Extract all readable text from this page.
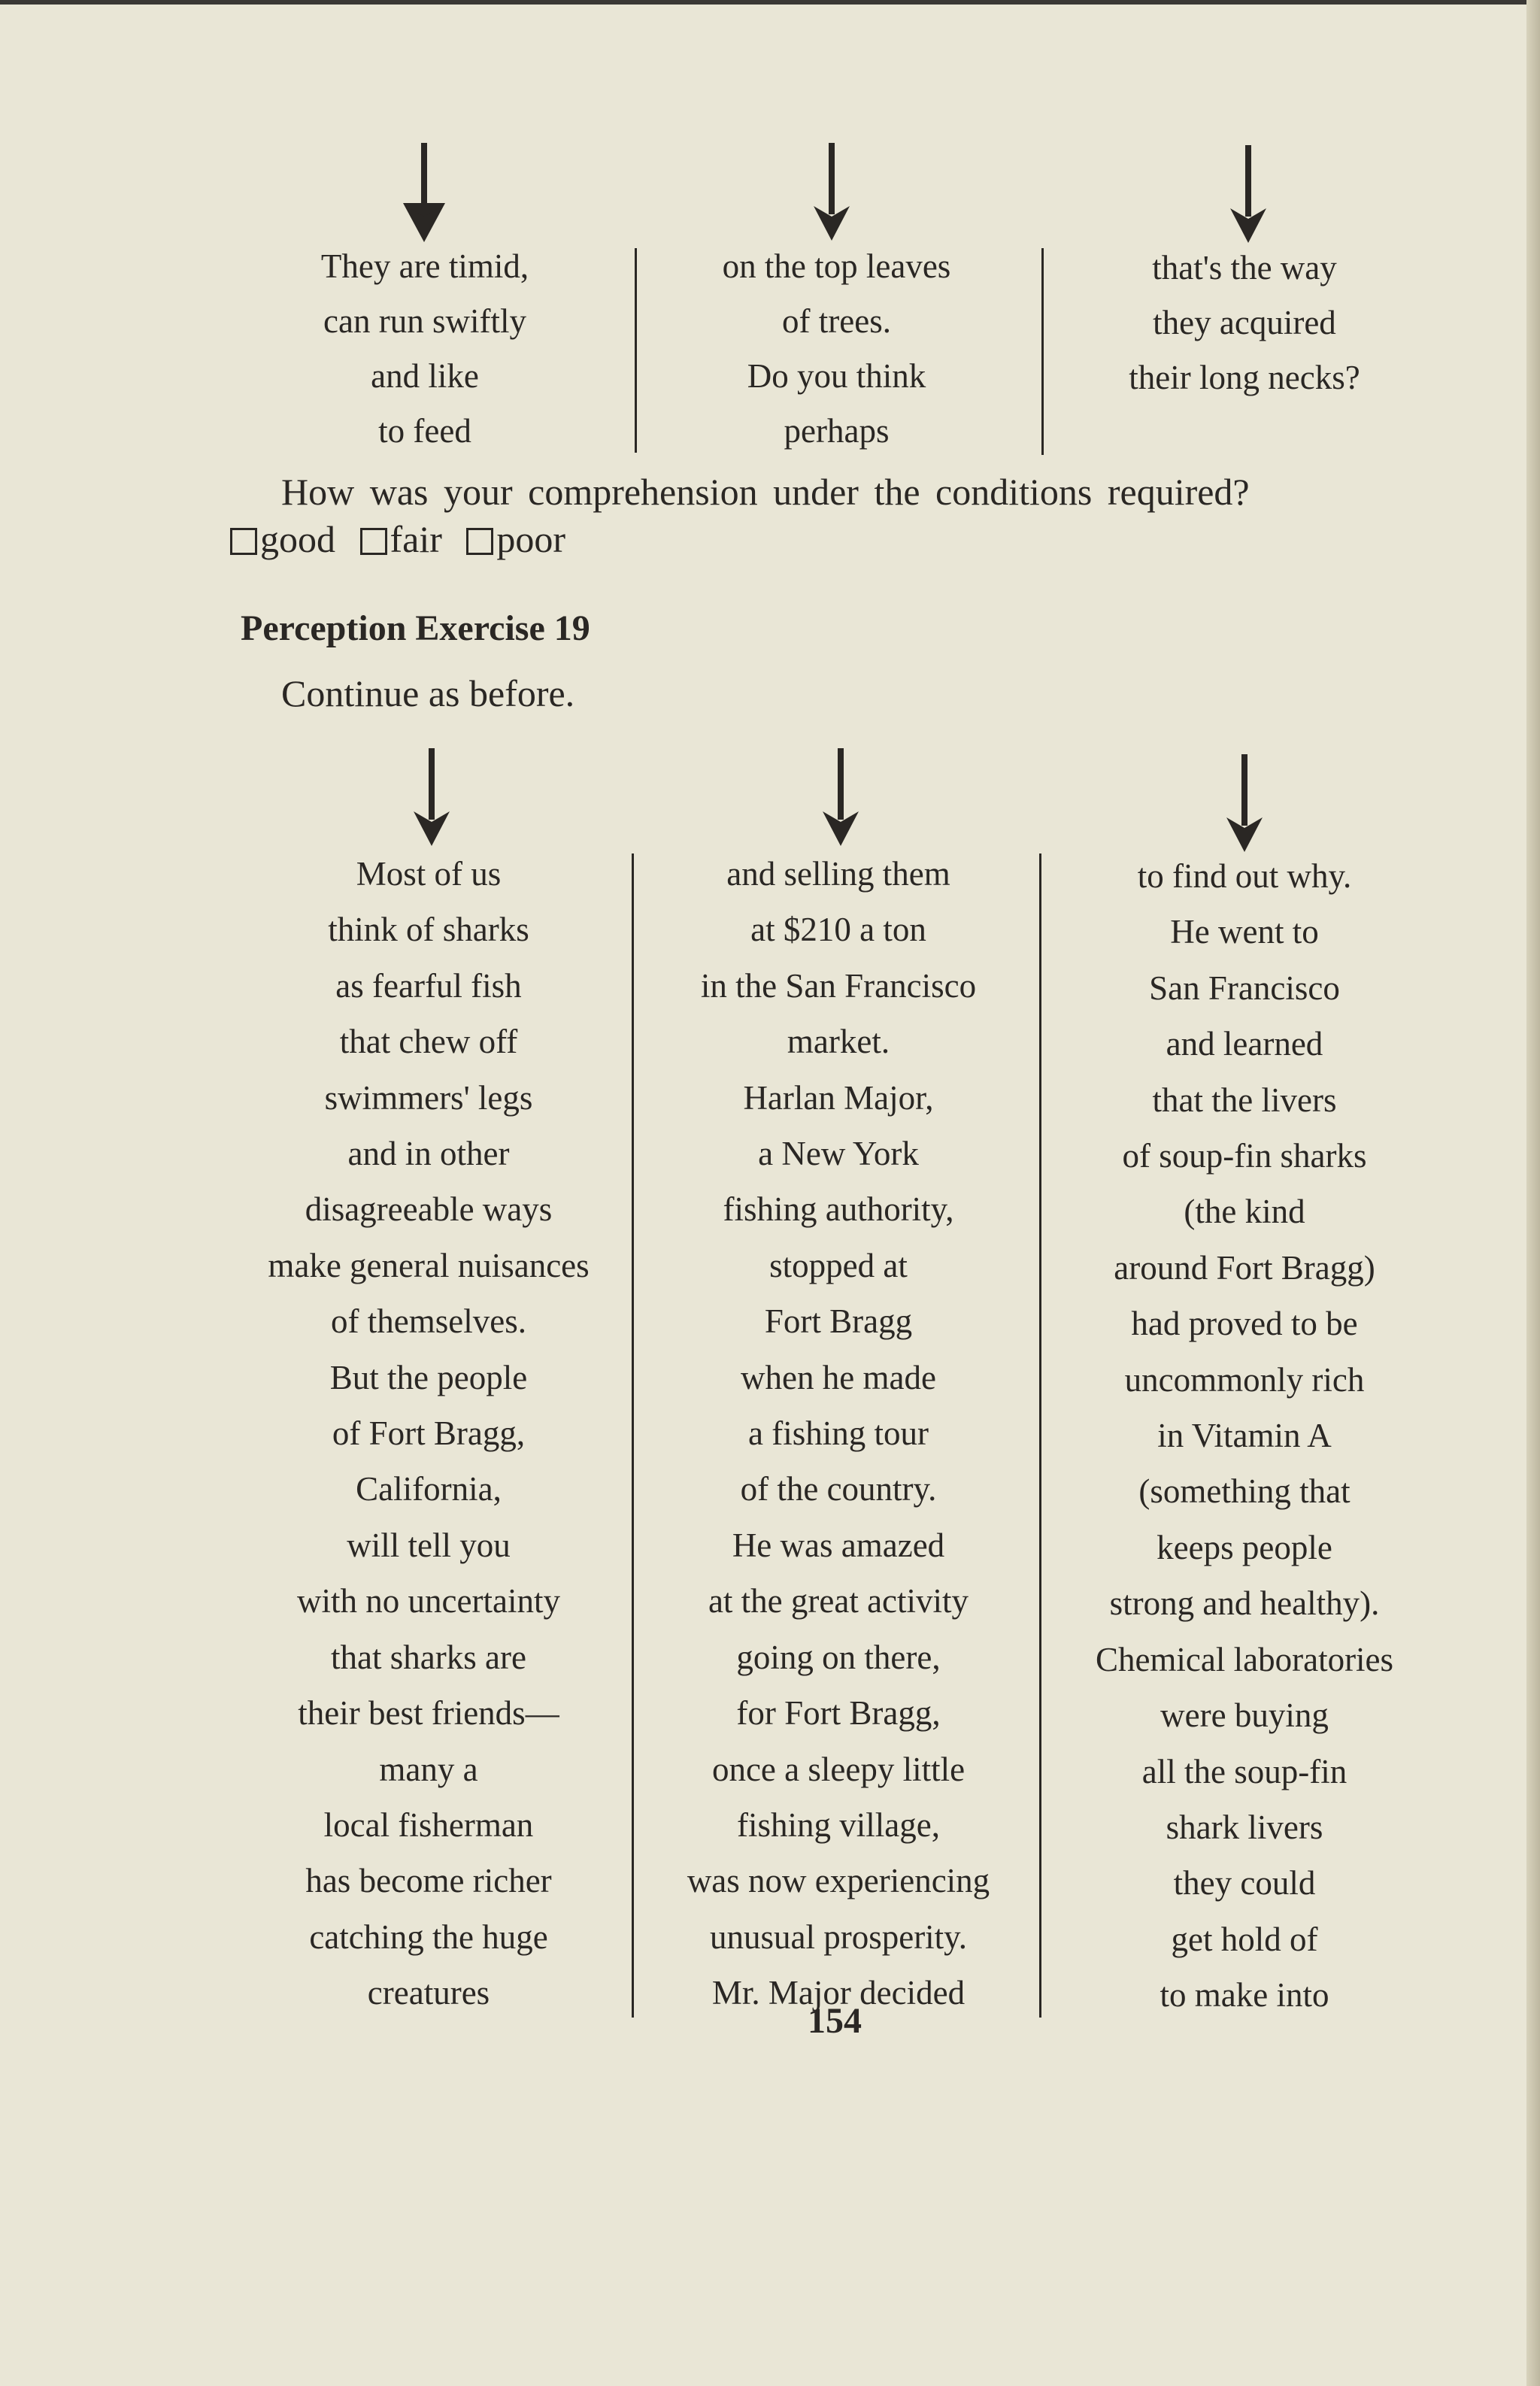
They are timid,
can run swiftly
and like
to feed
on the top leaves
of trees.
Do you think
perhaps
that's the way
they acquired
their long necks?
How was your comprehension under the conditions required?
good fair poor
Perception Exercise 19
Continue as before.
Most of us
think of sharks
as fearful fish
that chew off
swimmers' legs
and in other
disagreeable ways
make general nuisances
of themselves.
But the people
of Fort Bragg,
California,
will tell you
with no uncertainty
that sharks are
their best friends—
many a
local fisherman
has become richer
catching the huge
creatures
and selling them
at $210 a ton
in the San Francisco
market.
Harlan Major,
a New York
fishing authority,
stopped at
Fort Bragg
when he made
a fishing tour
of the country.
He was amazed
at the great activity
going on there,
for Fort Bragg,
once a sleepy little
fishing village,
was now experiencing
unusual prosperity.
Mr. Major decided
to find out why.
He went to
San Francisco
and learned
that the livers
of soup-fin sharks
(the kind
around Fort Bragg)
had proved to be
uncommonly rich
in Vitamin A
(something that
keeps people
strong and healthy).
Chemical laboratories
were buying
all the soup-fin
shark livers
they could
get hold of
to make into
154
